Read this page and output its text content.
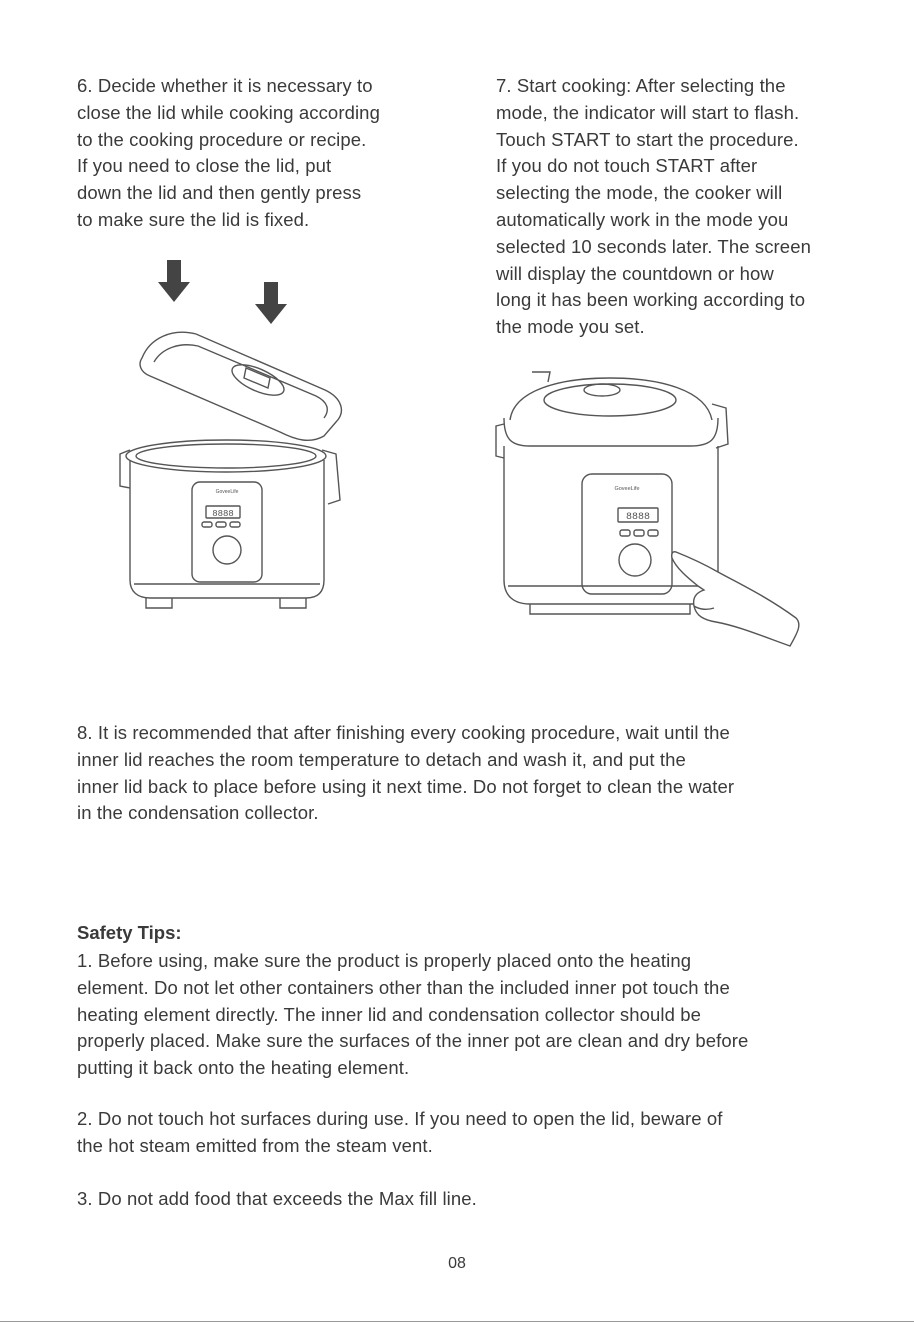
6. Decide whether it is necessary to
close the lid while cooking according
to the cooking procedure or recipe.
If you need to close the lid, put
down the lid and then gently press
to make sure the lid is fixed.

7. Start cooking: After selecting the
mode, the indicator will start to flash.
Touch START to start the procedure.
If you do not touch START after
selecting the mode, the cooker will
automatically work in the mode you
selected 10 seconds later. The screen
will display the countdown or how
long it has been working according to
the mode you set.

GoveeLife
8888
GoveeLife
8888

8. It is recommended that after finishing every cooking procedure, wait until the
inner lid reaches the room temperature to detach and wash it, and put the
inner lid back to place before using it next time. Do not forget to clean the water
in the condensation collector.

Safety Tips:

1. Before using, make sure the product is properly placed onto the heating
element. Do not let other containers other than the included inner pot touch the
heating element directly. The inner lid and condensation collector should be
properly placed. Make sure the surfaces of the inner pot are clean and dry before
putting it back onto the heating element.

2. Do not touch hot surfaces during use. If you need to open the lid, beware of
the hot steam emitted from the steam vent.

3. Do not add food that exceeds the Max fill line.

08
